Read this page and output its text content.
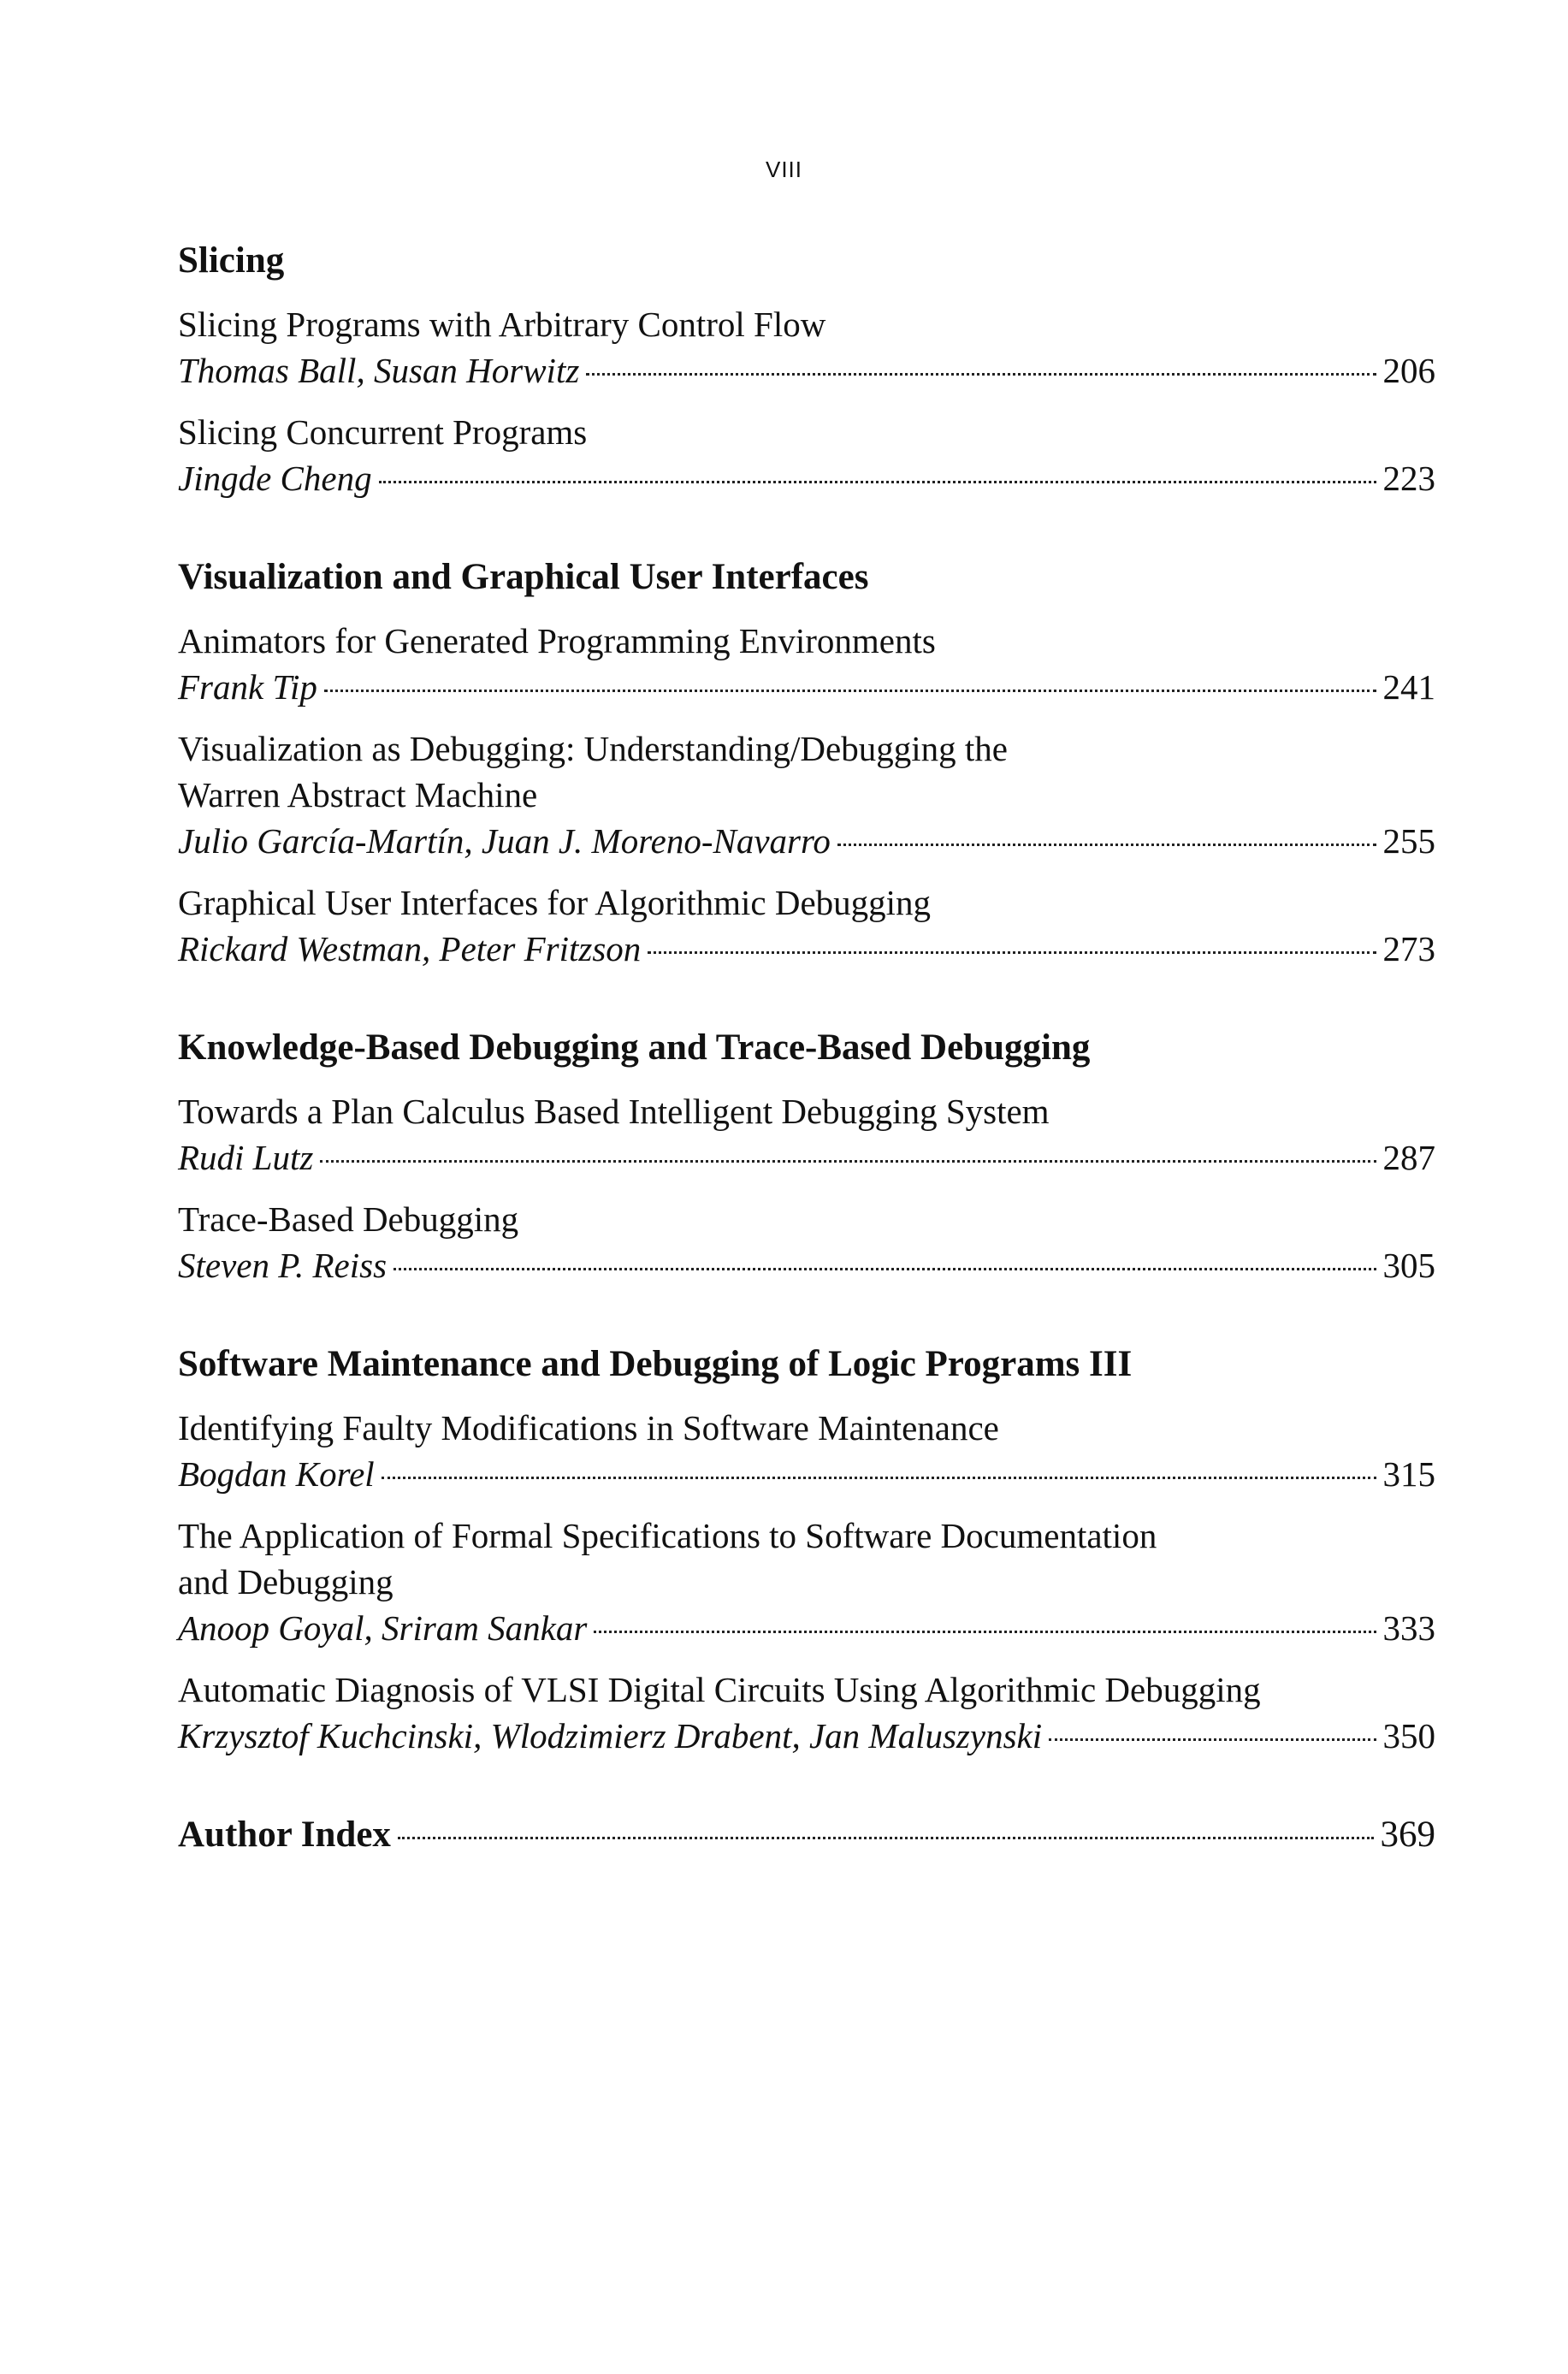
VIII
Slicing
Slicing Programs with Arbitrary Control Flow
Thomas Ball, Susan Horwitz	206
Slicing Concurrent Programs
Jingde Cheng	223
Visualization and Graphical User Interfaces
Animators for Generated Programming Environments
Frank Tip	241
Visualization as Debugging: Understanding/Debugging the
Warren Abstract Machine
Julio García-Martín, Juan J. Moreno-Navarro	255
Graphical User Interfaces for Algorithmic Debugging
Rickard Westman, Peter Fritzson	273
Knowledge-Based Debugging and Trace-Based Debugging
Towards a Plan Calculus Based Intelligent Debugging System
Rudi Lutz	287
Trace-Based Debugging
Steven P. Reiss	305
Software Maintenance and Debugging of Logic Programs III
Identifying Faulty Modifications in Software Maintenance
Bogdan Korel	315
The Application of Formal Specifications to Software Documentation
and Debugging
Anoop Goyal, Sriram Sankar	333
Automatic Diagnosis of VLSI Digital Circuits Using Algorithmic Debugging
Krzysztof Kuchcinski, Wlodzimierz Drabent, Jan Maluszynski	350
Author Index	369
